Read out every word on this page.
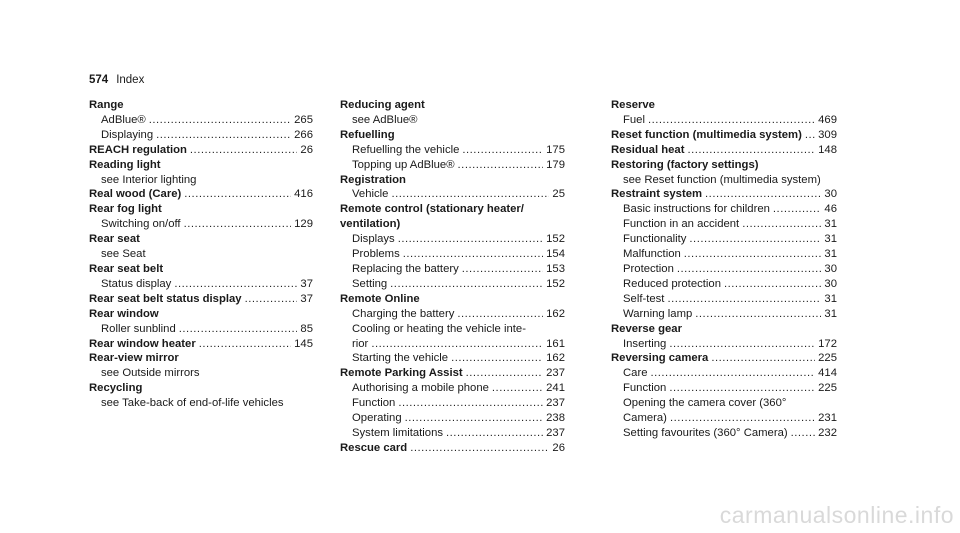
574 Index
Range
AdBlue® .....	265
Displaying .....	266
REACH regulation .....	26
Reading light
see Interior lighting
Real wood (Care) .....	416
Rear fog light
Switching on/off .....	129
Rear seat
see Seat
Rear seat belt
Status display .....	37
Rear seat belt status display .....	37
Rear window
Roller sunblind .....	85
Rear window heater .....	145
Rear-view mirror
see Outside mirrors
Recycling
see Take-back of end-of-life vehicles
Reducing agent
see AdBlue®
Refuelling
Refuelling the vehicle .....	175
Topping up AdBlue® .....	179
Registration
Vehicle .....	25
Remote control (stationary heater/
ventilation)
Displays .....	152
Problems .....	154
Replacing the battery .....	153
Setting .....	152
Remote Online
Charging the battery .....	162
Cooling or heating the vehicle inte-
rior .....	161
Starting the vehicle .....	162
Remote Parking Assist .....	237
Authorising a mobile phone .....	241
Function .....	237
Operating .....	238
System limitations .....	237
Rescue card .....	26
Reserve
Fuel .....	469
Reset function (multimedia system) ..... 309
Residual heat .....	148
Restoring (factory settings)
see Reset function (multimedia system)
Restraint system .....	30
Basic instructions for children .....	46
Function in an accident .....	31
Functionality .....	31
Malfunction .....	31
Protection .....	30
Reduced protection .....	30
Self-test .....	31
Warning lamp .....	31
Reverse gear
Inserting .....	172
Reversing camera .....	225
Care .....	414
Function .....	225
Opening the camera cover (360°
Camera) .....	231
Setting favourites (360° Camera) .....	232
carmanualsonline.info
